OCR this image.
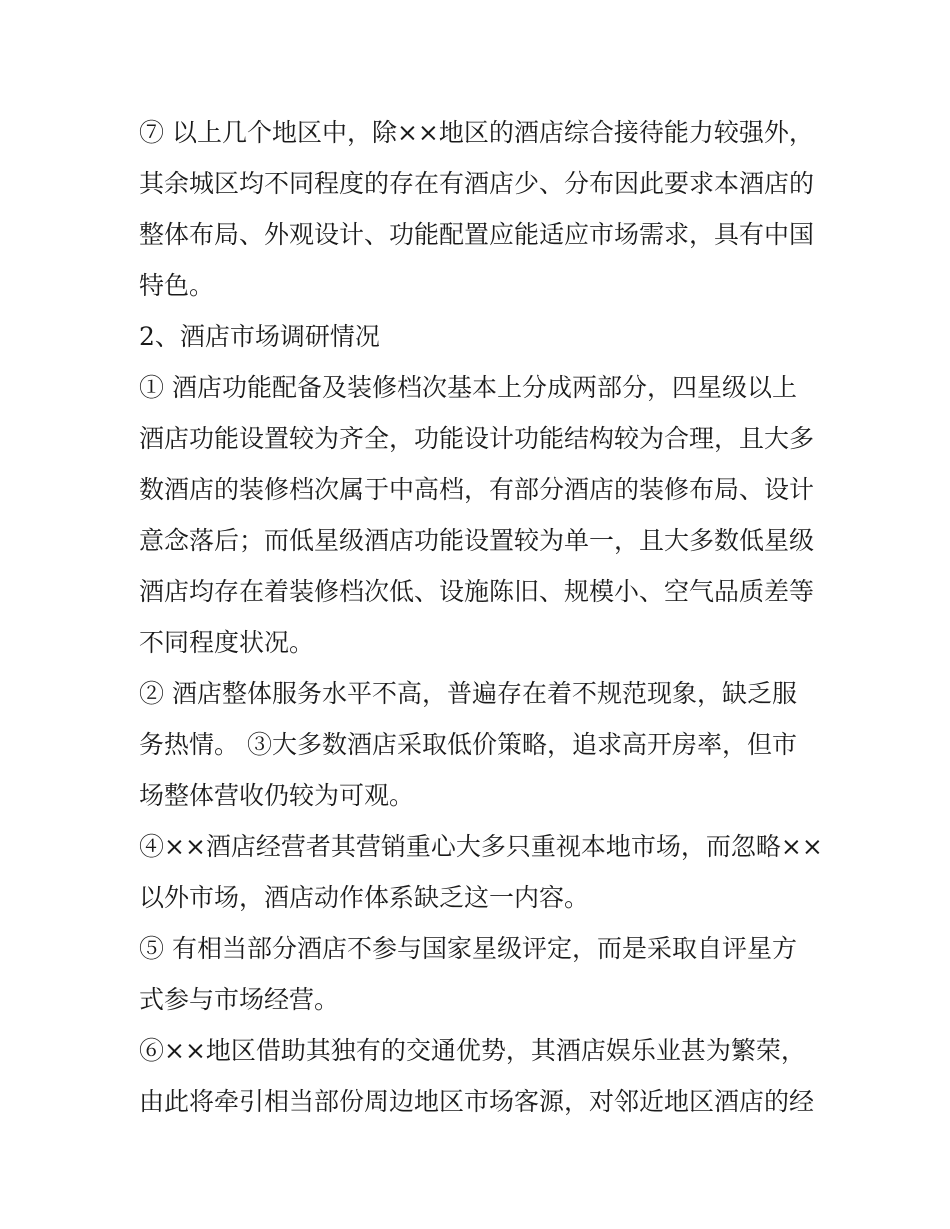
⑦ 以上几个地区中，除××地区的酒店综合接待能力较强外，

其余城区均不同程度的存在有酒店少、分布因此要求本酒店的

整体布局、外观设计、功能配置应能适应市场需求，具有中国

特色。

2、酒店市场调研情况

① 酒店功能配备及装修档次基本上分成两部分，四星级以上

酒店功能设置较为齐全，功能设计功能结构较为合理，且大多

数酒店的装修档次属于中高档，有部分酒店的装修布局、设计

意念落后；而低星级酒店功能设置较为单一，且大多数低星级

酒店均存在着装修档次低、设施陈旧、规模小、空气品质差等

不同程度状况。

② 酒店整体服务水平不高，普遍存在着不规范现象，缺乏服

务热情。 ③大多数酒店采取低价策略，追求高开房率，但市

场整体营收仍较为可观。

④××酒店经营者其营销重心大多只重视本地市场，而忽略××

以外市场，酒店动作体系缺乏这一内容。

⑤ 有相当部分酒店不参与国家星级评定，而是采取自评星方

式参与市场经营。

⑥××地区借助其独有的交通优势，其酒店娱乐业甚为繁荣，

由此将牵引相当部份周边地区市场客源，对邻近地区酒店的经
